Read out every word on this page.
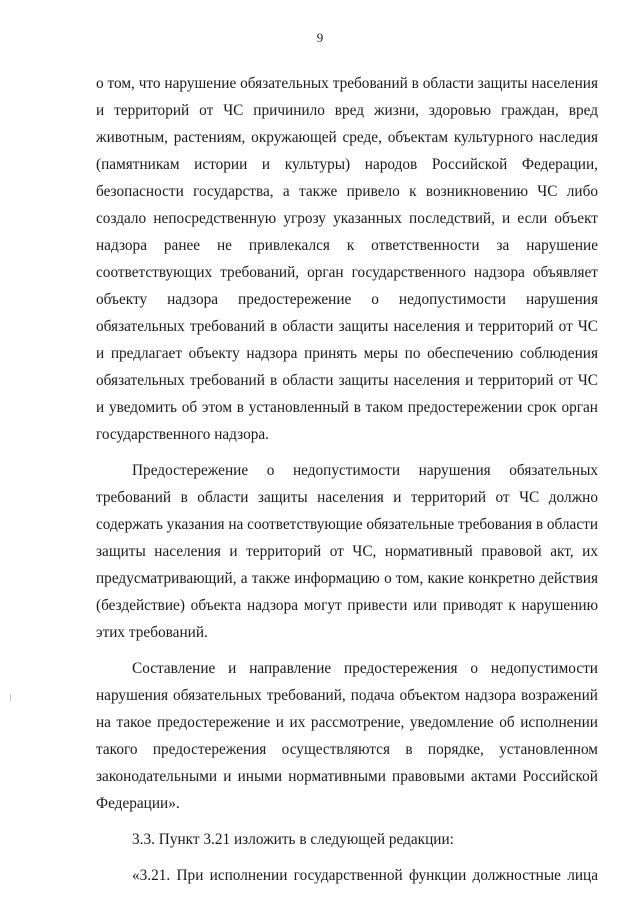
9

о том, что нарушение обязательных требований в области защиты населения

и территорий от ЧС причинило вред жизни, здоровью граждан, вред

животным, растениям, окружающей среде, объектам культурного наследия

(памятникам истории и культуры) народов Российской Федерации,

безопасности государства, а также привело к возникновению ЧС либо

создало непосредственную угрозу указанных последствий, и если объект

надзора ранее не привлекался к ответственности за нарушение

соответствующих требований, орган государственного надзора объявляет

объекту надзора предостережение о недопустимости нарушения

обязательных требований в области защиты населения и территорий от ЧС

и предлагает объекту надзора принять меры по обеспечению соблюдения

обязательных требований в области защиты населения и территорий от ЧС

и уведомить об этом в установленный в таком предостережении срок орган

государственного надзора.

Предостережение о недопустимости нарушения обязательных

требований в области защиты населения и территорий от ЧС должно

содержать указания на соответствующие обязательные требования в области

защиты населения и территорий от ЧС, нормативный правовой акт, их

предусматривающий, а также информацию о том, какие конкретно действия

(бездействие) объекта надзора могут привести или приводят к нарушению

этих требований.

Составление и направление предостережения о недопустимости

нарушения обязательных требований, подача объектом надзора возражений

на такое предостережение и их рассмотрение, уведомление об исполнении

такого предостережения осуществляются в порядке, установленном

законодательными и иными нормативными правовыми актами Российской

Федерации».

3.3. Пункт 3.21 изложить в следующей редакции:

«3.21. При исполнении государственной функции должностные лица
